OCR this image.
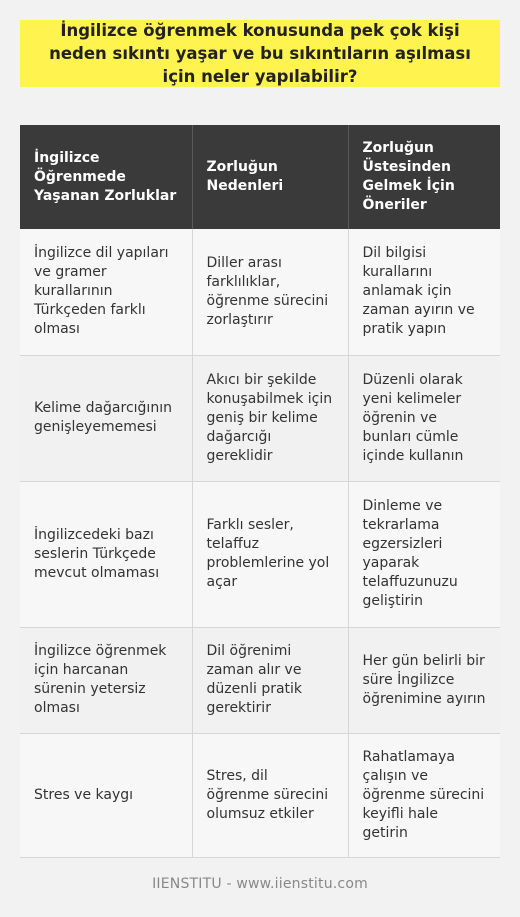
İngilizce öğrenmek konusunda pek çok kişi neden sıkıntı yaşar ve bu sıkıntıların aşılması için neler yapılabilir?
İngilizce Öğrenmede Yaşanan Zorluklar	Zorluğun Nedenleri	Zorluğun Üstesinden Gelmek İçin Öneriler
İngilizce dil yapıları ve gramer kurallarının Türkçeden farklı olması	Diller arası farklılıklar, öğrenme sürecini zorlaştırır	Dil bilgisi kurallarını anlamak için zaman ayırın ve pratik yapın
Kelime dağarcığının genişleyememesi	Akıcı bir şekilde konuşabilmek için geniş bir kelime dağarcığı gereklidir	Düzenli olarak yeni kelimeler öğrenin ve bunları cümle içinde kullanın
İngilizcedeki bazı seslerin Türkçede mevcut olmaması	Farklı sesler, telaffuz problemlerine yol açar	Dinleme ve tekrarlama egzersizleri yaparak telaffuzunuzu geliştirin
İngilizce öğrenmek için harcanan sürenin yetersiz olması	Dil öğrenimi zaman alır ve düzenli pratik gerektirir	Her gün belirli bir süre İngilizce öğrenimine ayırın
Stres ve kaygı	Stres, dil öğrenme sürecini olumsuz etkiler	Rahatlamaya çalışın ve öğrenme sürecini keyifli hale getirin
IIENSTITU - www.iienstitu.com
